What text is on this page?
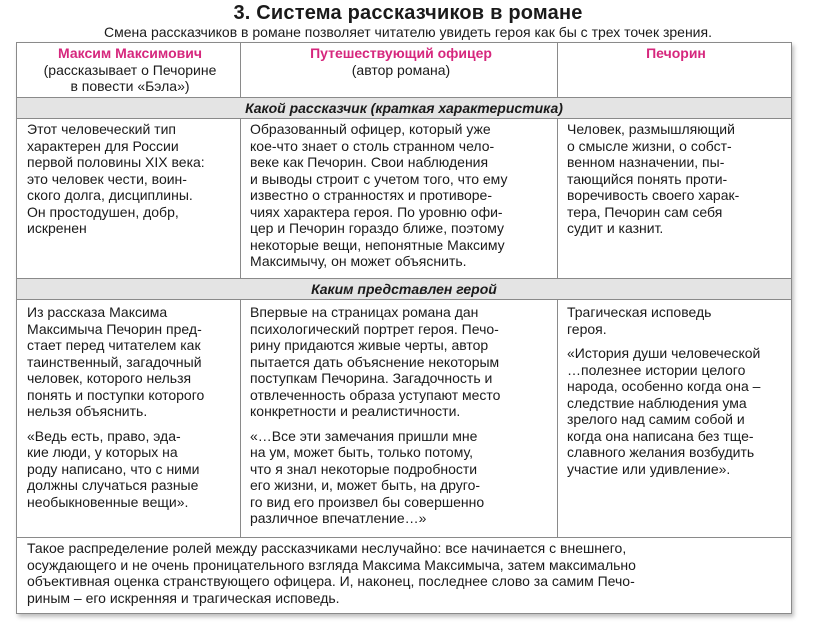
3. Система рассказчиков в романе
Смена рассказчиков в романе позволяет читателю увидеть героя как бы с трех точек зрения.
Максим Максимович
(рассказывает о Печорине
в повести «Бэла»)
Путешествующий офицер
(автор романа)
Печорин
Какой рассказчик (краткая характеристика)
Этот человеческий тип
характерен для России
первой половины XIX века:
это человек чести, воин-
ского долга, дисциплины.
Он простодушен, добр,
искренен
Образованный офицер, который уже
кое-что знает о столь странном чело-
веке как Печорин. Свои наблюдения
и выводы строит с учетом того, что ему
известно о странностях и противоре-
чиях характера героя. По уровню офи-
цер и Печорин гораздо ближе, поэтому
некоторые вещи, непонятные Максиму
Максимычу, он может объяснить.
Человек, размышляющий
о смысле жизни, о собст-
венном назначении, пы-
тающийся понять проти-
воречивость своего харак-
тера, Печорин сам себя
судит и казнит.
Каким представлен герой

Из рассказа Максима
Максимыча Печорин пред-
стает перед читателем как
таинственный, загадочный
человек, которого нельзя
понять и поступки которого
нельзя объяснить.

«Ведь есть, право, эда-
кие люди, у которых на
роду написано, что с ними
должны случаться разные
необыкновенные вещи».

Впервые на страницах романа дан
психологический портрет героя. Печо-
рину придаются живые черты, автор
пытается дать объяснение некоторым
поступкам Печорина. Загадочность и
отвлеченность образа уступают место
конкретности и реалистичности.

«…Все эти замечания пришли мне
на ум, может быть, только потому,
что я знал некоторые подробности
его жизни, и, может быть, на друго-
го вид его произвел бы совершенно
различное впечатление…»

Трагическая исповедь
героя.

«История души человеческой
…полезнее истории целого
народа, особенно когда она –
следствие наблюдения ума
зрелого над самим собой и
когда она написана без тще-
славного желания возбудить
участие или удивление».

Такое распределение ролей между рассказчиками неслучайно: все начинается с внешнего,
осуждающего и не очень проницательного взгляда Максима Максимыча, затем максимально
объективная оценка странствующего офицера. И, наконец, последнее слово за самим Печо-
риным – его искренняя и трагическая исповедь.
